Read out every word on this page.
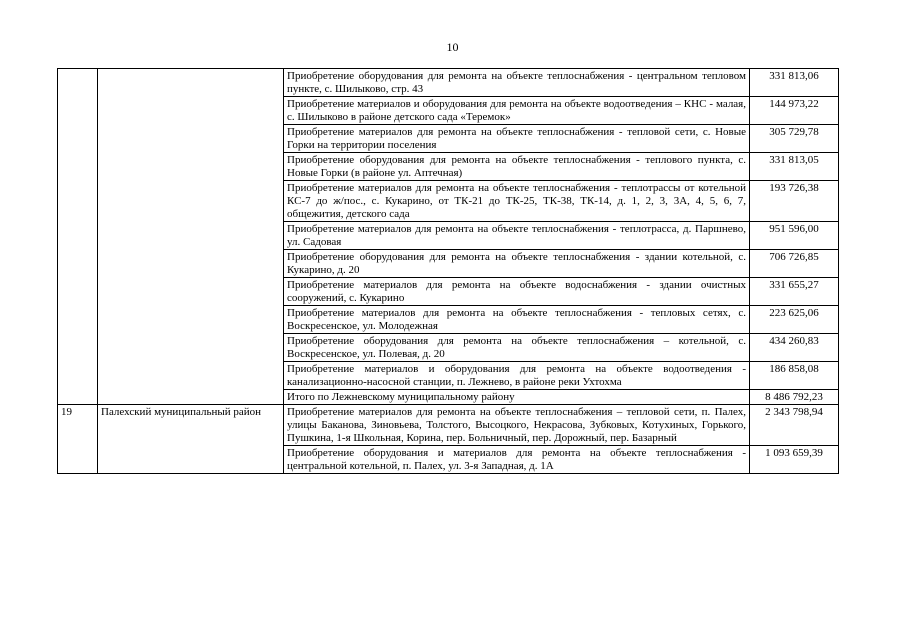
10

		Приобретение оборудования для ремонта на объекте теплоснабжения - центральном тепловом пункте, с. Шилыково, стр. 43	331 813,06

		Приобретение материалов и оборудования для ремонта на объекте водоотведения – КНС - малая, с. Шилыково в районе детского сада «Теремок»	144 973,22

		Приобретение материалов для ремонта на объекте теплоснабжения - тепловой сети, с. Новые Горки на территории поселения	305 729,78

		Приобретение оборудования для ремонта на объекте теплоснабжения - теплового пункта, с. Новые Горки (в районе ул. Аптечная)	331 813,05

		Приобретение материалов для ремонта на объекте теплоснабжения - теплотрассы от котельной КС-7 до ж/пос., с. Кукарино, от ТК-21 до ТК-25, ТК-38, ТК-14, д. 1, 2, 3, 3А, 4, 5, 6, 7, общежития, детского сада	193 726,38

		Приобретение материалов для ремонта на объекте теплоснабжения - теплотрасса, д. Паршнево, ул. Садовая	951 596,00

		Приобретение оборудования для ремонта на объекте теплоснабжения - здании котельной, с. Кукарино, д. 20	706 726,85

		Приобретение материалов для ремонта на объекте водоснабжения - здании очистных сооружений, с. Кукарино	331 655,27

		Приобретение материалов для ремонта на объекте теплоснабжения - тепловых сетях, с. Воскресенское, ул. Молодежная	223 625,06

		Приобретение оборудования для ремонта на объекте теплоснабжения – котельной, с. Воскресенское, ул. Полевая, д. 20	434 260,83

		Приобретение материалов и оборудования для ремонта на объекте водоотведения - канализационно-насосной станции, п. Лежнево, в районе реки Ухтохма	186 858,08

		Итого по Лежневскому муниципальному району	8 486 792,23
19	Палехский муниципальный район	Приобретение материалов для ремонта на объекте теплоснабжения – тепловой сети, п. Палех, улицы Баканова, Зиновьева, Толстого, Высоцкого, Некрасова, Зубковых, Котухиных, Горького, Пушкина, 1-я Школьная, Корина, пер. Больничный, пер. Дорожный, пер. Базарный	2 343 798,94

		Приобретение оборудования и материалов для ремонта на объекте теплоснабжения - центральной котельной, п. Палех, ул. 3-я Западная, д. 1А	1 093 659,39
